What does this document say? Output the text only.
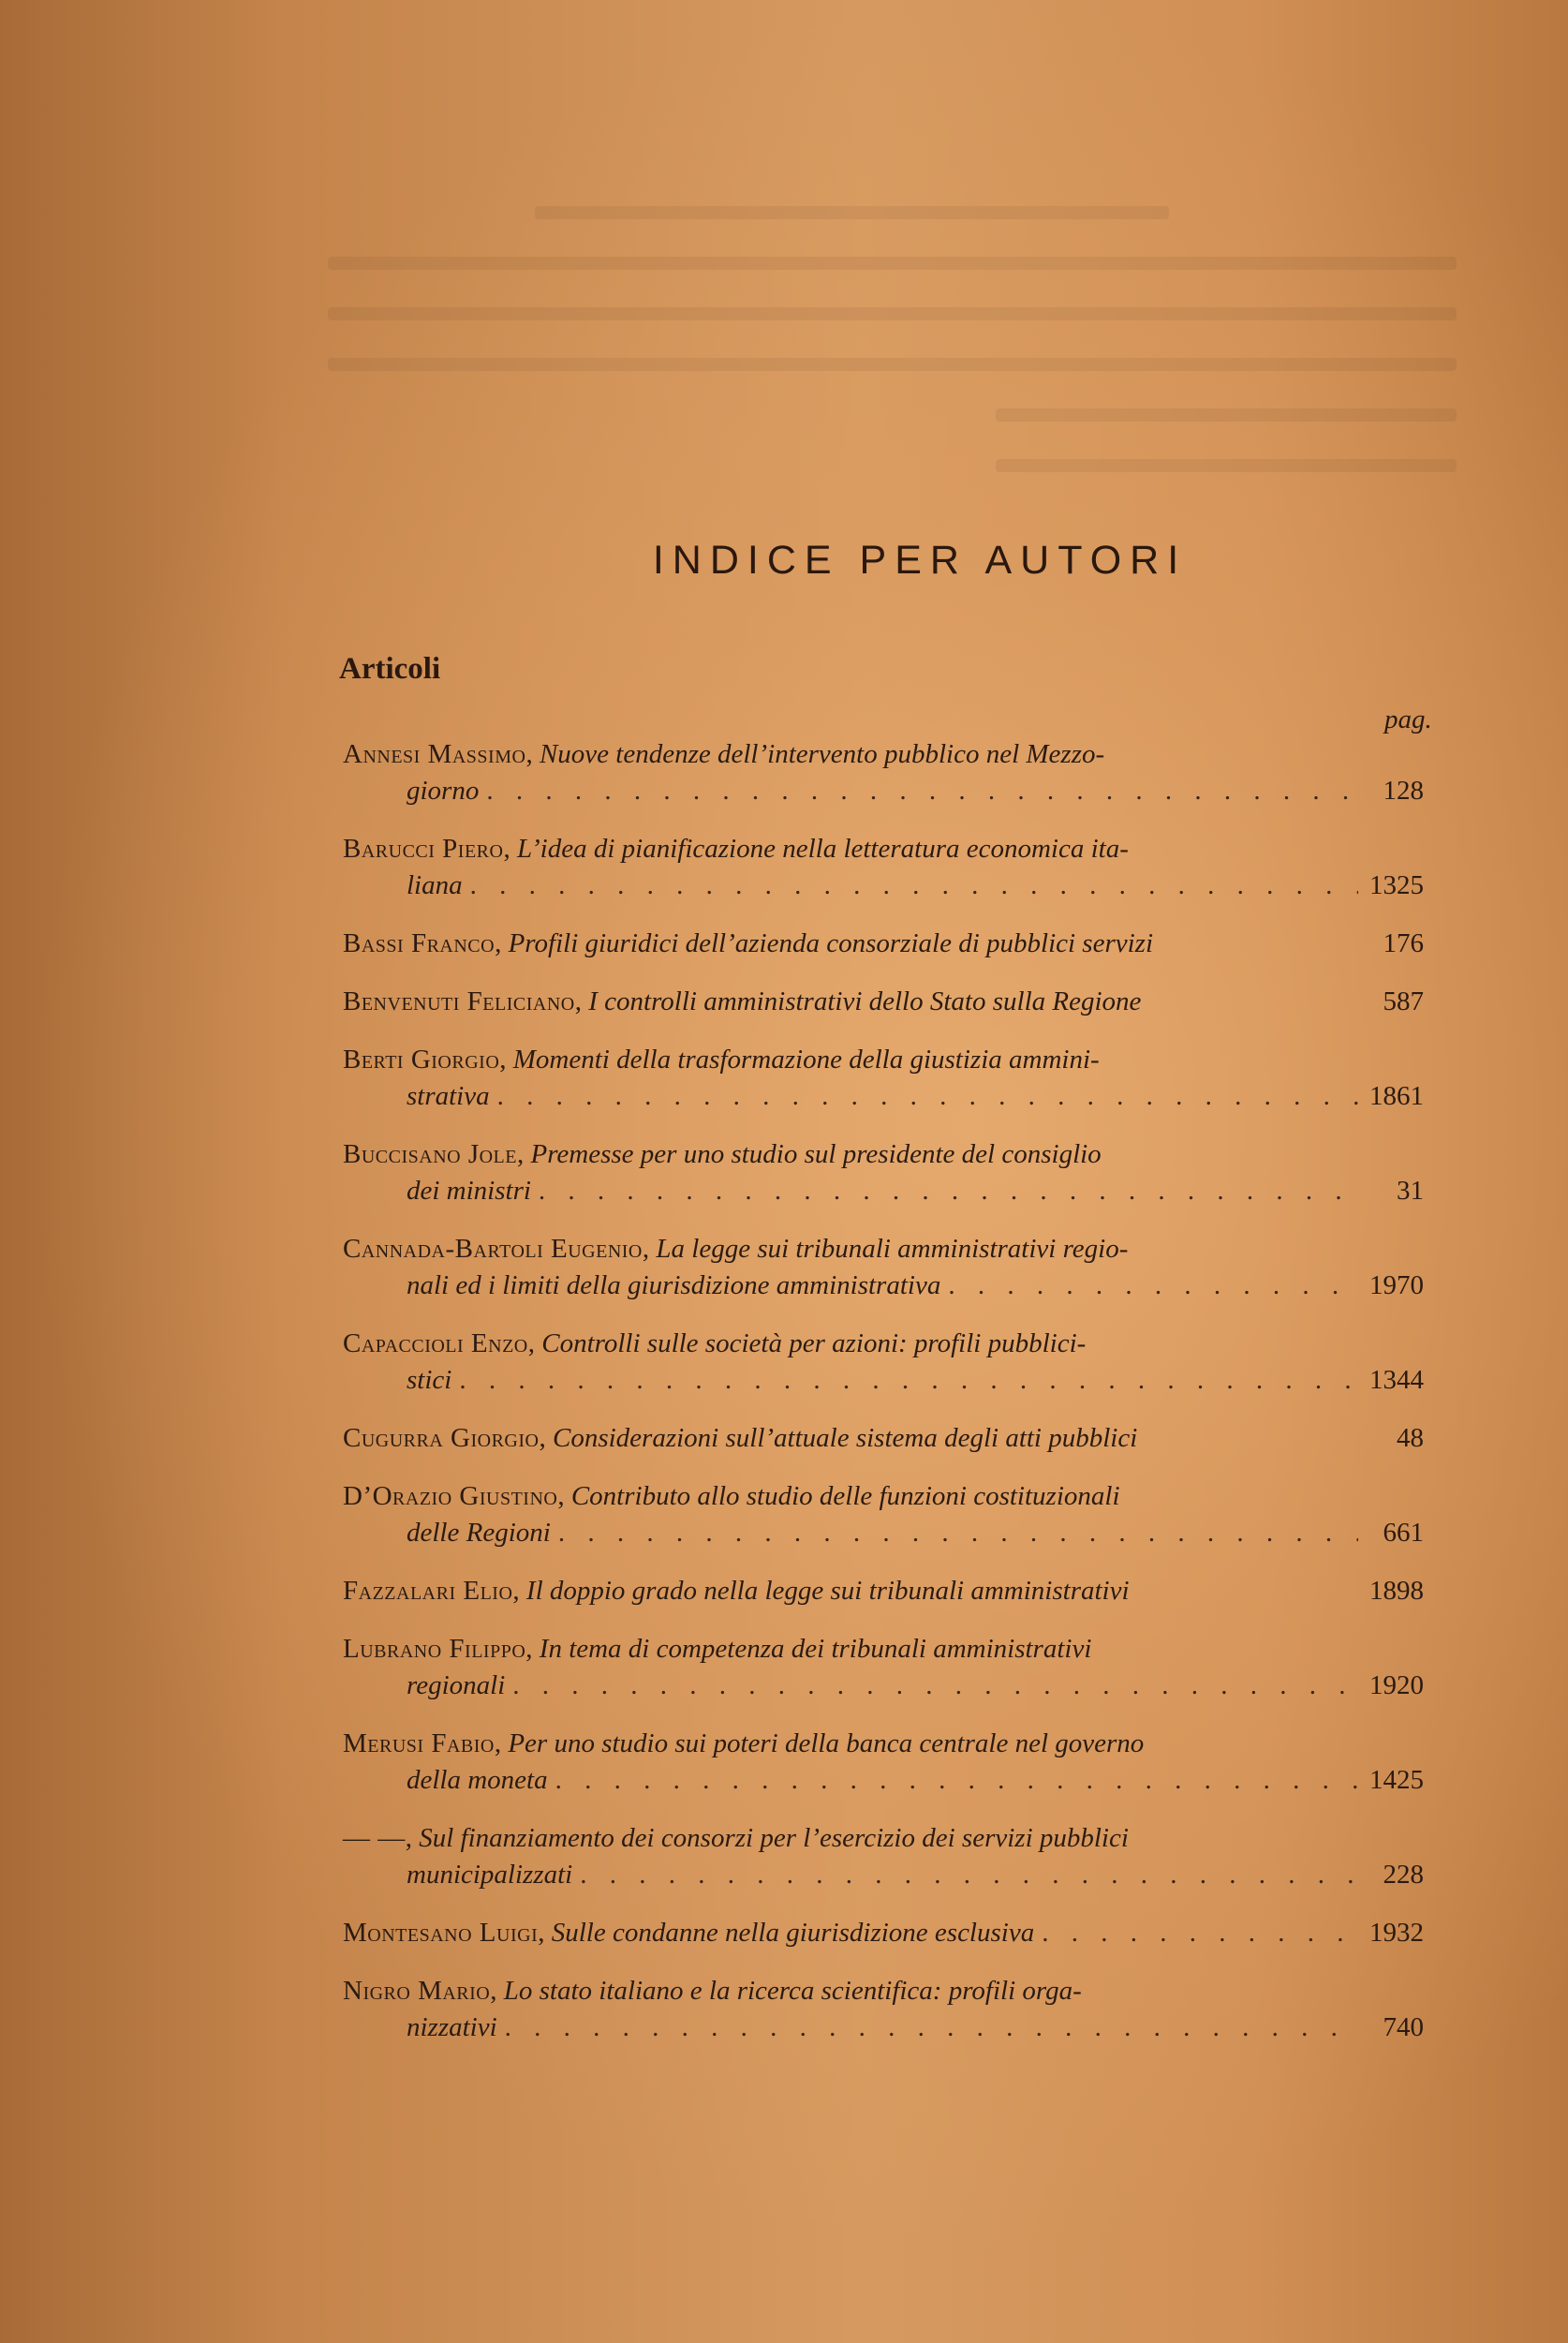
INDICE PER AUTORI
Articoli
pag.
Annesi Massimo, Nuove tendenze dell’intervento pubblico nel Mezzo-
giorno . . .	128
Barucci Piero, L’idea di pianificazione nella letteratura economica ita-
liana . . .	1325
Bassi Franco, Profili giuridici dell’azienda consorziale di pubblici servizi	176
Benvenuti Feliciano, I controlli amministrativi dello Stato sulla Regione	587
Berti Giorgio, Momenti della trasformazione della giustizia ammini-
strativa . . .	1861
Buccisano Jole, Premesse per uno studio sul presidente del consiglio
dei ministri . . .	31
Cannada-Bartoli Eugenio, La legge sui tribunali amministrativi regio-
nali ed i limiti della giurisdizione amministrativa . . .	1970
Capaccioli Enzo, Controlli sulle società per azioni: profili pubblici-
stici . . .	1344
Cugurra Giorgio, Considerazioni sull’attuale sistema degli atti pubblici	48
D’Orazio Giustino, Contributo allo studio delle funzioni costituzionali
delle Regioni . . .	661
Fazzalari Elio, Il doppio grado nella legge sui tribunali amministrativi	1898
Lubrano Filippo, In tema di competenza dei tribunali amministrativi
regionali . . .	1920
Merusi Fabio, Per uno studio sui poteri della banca centrale nel governo
della moneta . . .	1425
— —, Sul finanziamento dei consorzi per l’esercizio dei servizi pubblici
municipalizzati . . .	228
Montesano Luigi, Sulle condanne nella giurisdizione esclusiva . . .	1932
Nigro Mario, Lo stato italiano e la ricerca scientifica: profili orga-
nizzativi . . .	740
